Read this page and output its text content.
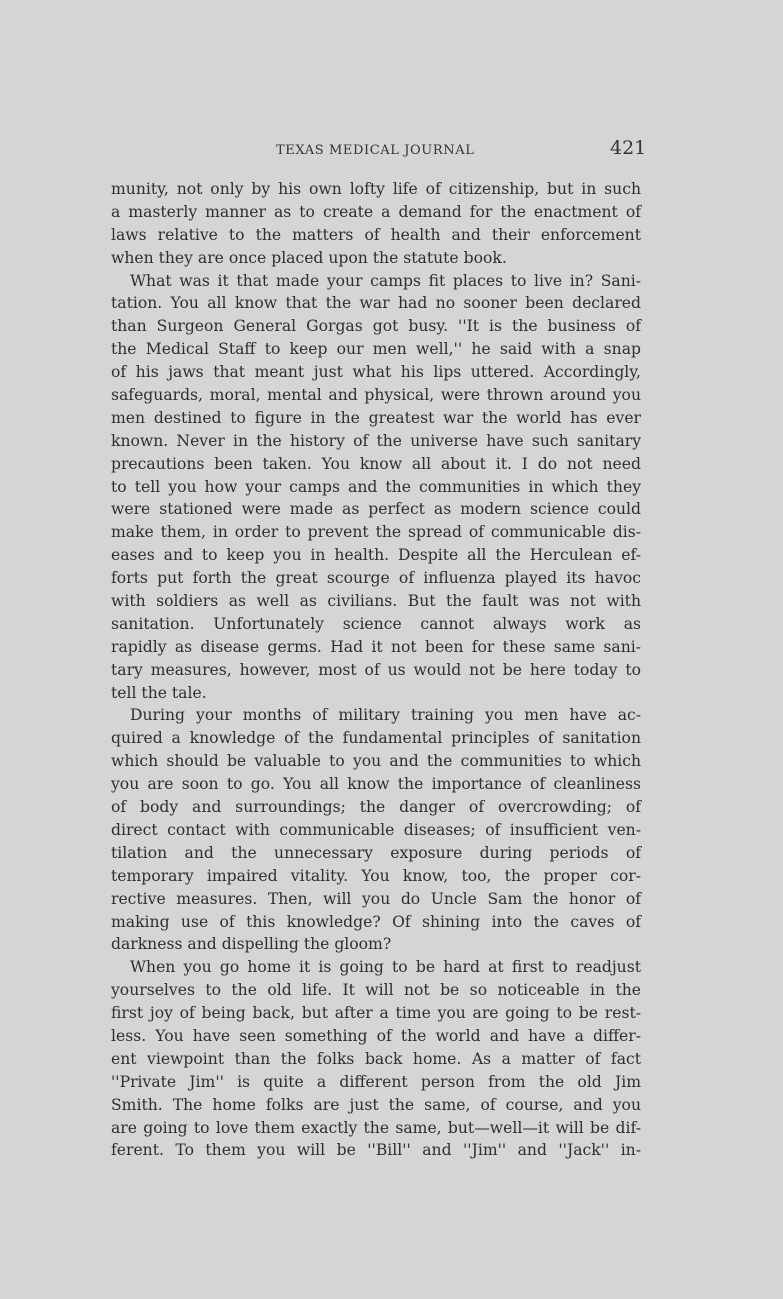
TEXAS MEDICAL JOURNAL	421
munity, not only by his own lofty life of citizenship, but in such
a masterly manner as to create a demand for the enactment of
laws relative to the matters of health and their enforcement
when they are once placed upon the statute book.
What was it that made your camps fit places to live in? Sani-
tation. You all know that the war had no sooner been declared
than Surgeon General Gorgas got busy. ''It is the business of
the Medical Staff to keep our men well,'' he said with a snap
of his jaws that meant just what his lips uttered. Accordingly,
safeguards, moral, mental and physical, were thrown around you
men destined to figure in the greatest war the world has ever
known. Never in the history of the universe have such sanitary
precautions been taken. You know all about it. I do not need
to tell you how your camps and the communities in which they
were stationed were made as perfect as modern science could
make them, in order to prevent the spread of communicable dis-
eases and to keep you in health. Despite all the Herculean ef-
forts put forth the great scourge of influenza played its havoc
with soldiers as well as civilians. But the fault was not with
sanitation. Unfortunately science cannot always work as
rapidly as disease germs. Had it not been for these same sani-
tary measures, however, most of us would not be here today to
tell the tale.
During your months of military training you men have ac-
quired a knowledge of the fundamental principles of sanitation
which should be valuable to you and the communities to which
you are soon to go. You all know the importance of cleanliness
of body and surroundings; the danger of overcrowding; of
direct contact with communicable diseases; of insufficient ven-
tilation and the unnecessary exposure during periods of
temporary impaired vitality. You know, too, the proper cor-
rective measures. Then, will you do Uncle Sam the honor of
making use of this knowledge? Of shining into the caves of
darkness and dispelling the gloom?
When you go home it is going to be hard at first to readjust
yourselves to the old life. It will not be so noticeable in the
first joy of being back, but after a time you are going to be rest-
less. You have seen something of the world and have a differ-
ent viewpoint than the folks back home. As a matter of fact
''Private Jim'' is quite a different person from the old Jim
Smith. The home folks are just the same, of course, and you
are going to love them exactly the same, but—well—it will be dif-
ferent. To them you will be ''Bill'' and ''Jim'' and ''Jack'' in-
